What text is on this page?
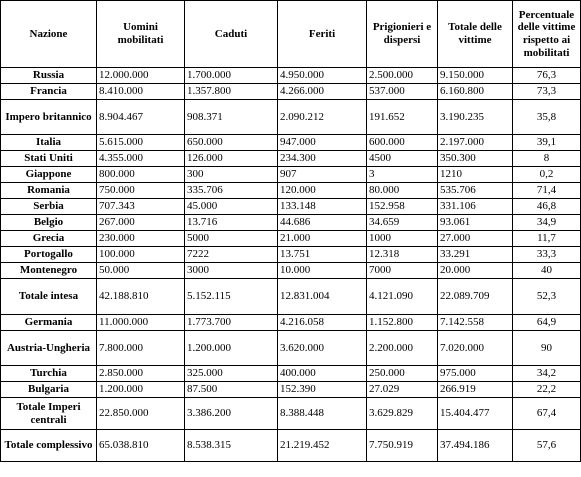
Nazione	Uomini mobilitati	Caduti	Feriti	Prigionieri e dispersi	Totale delle vittime	Percentuale delle vittime rispetto ai mobilitati
Russia	12.000.000	1.700.000	4.950.000	2.500.000	9.150.000	76,3
Francia	8.410.000	1.357.800	4.266.000	537.000	6.160.800	73,3
Impero britannico	8.904.467	908.371	2.090.212	191.652	3.190.235	35,8
Italia	5.615.000	650.000	947.000	600.000	2.197.000	39,1
Stati Uniti	4.355.000	126.000	234.300	4500	350.300	8
Giappone	800.000	300	907	3	1210	0,2
Romania	750.000	335.706	120.000	80.000	535.706	71,4
Serbia	707.343	45.000	133.148	152.958	331.106	46,8
Belgio	267.000	13.716	44.686	34.659	93.061	34,9
Grecia	230.000	5000	21.000	1000	27.000	11,7
Portogallo	100.000	7222	13.751	12.318	33.291	33,3
Montenegro	50.000	3000	10.000	7000	20.000	40
Totale intesa	42.188.810	5.152.115	12.831.004	4.121.090	22.089.709	52,3
Germania	11.000.000	1.773.700	4.216.058	1.152.800	7.142.558	64,9
Austria-Ungheria	7.800.000	1.200.000	3.620.000	2.200.000	7.020.000	90
Turchia	2.850.000	325.000	400.000	250.000	975.000	34,2
Bulgaria	1.200.000	87.500	152.390	27.029	266.919	22,2
Totale Imperi centrali	22.850.000	3.386.200	8.388.448	3.629.829	15.404.477	67,4
Totale complessivo	65.038.810	8.538.315	21.219.452	7.750.919	37.494.186	57,6
